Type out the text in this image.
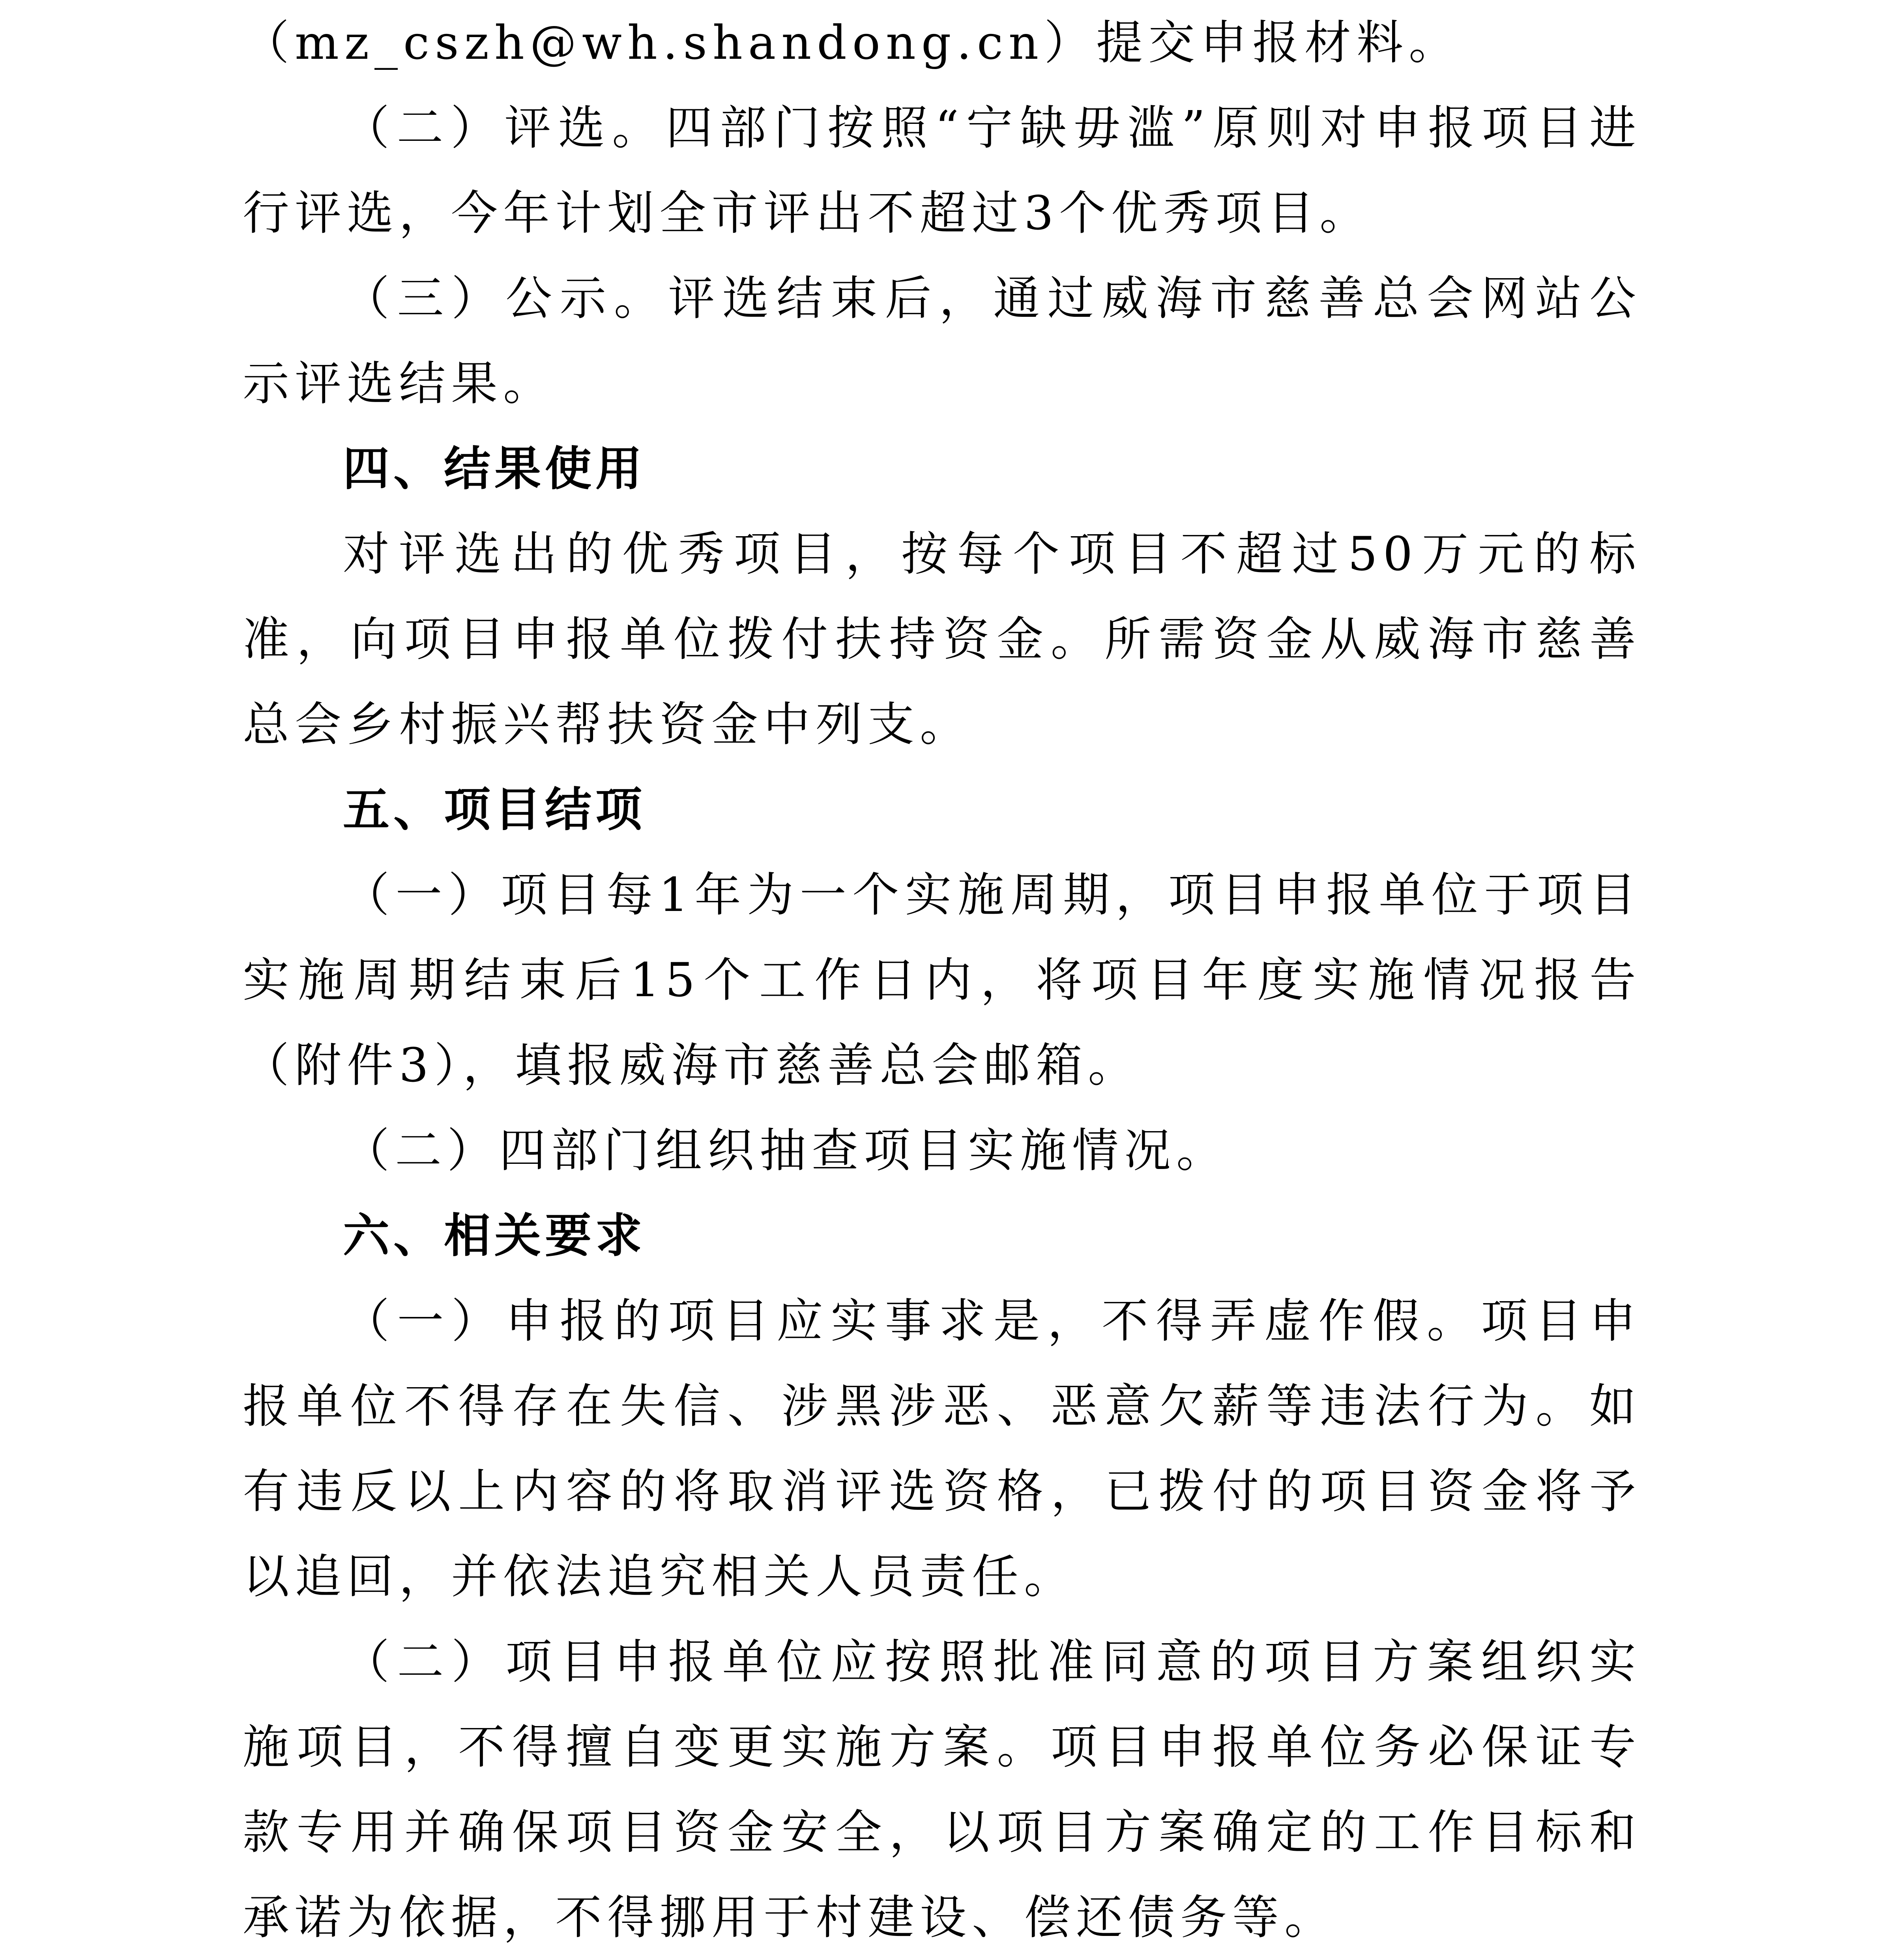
（mz_cszh@wh.shandong.cn）提交申报材料。

（二）评选。四部门按照“宁缺毋滥”原则对申报项目进行评选，今年计划全市评出不超过3个优秀项目。

（三）公示。评选结束后，通过威海市慈善总会网站公示评选结果。

四、结果使用

对评选出的优秀项目，按每个项目不超过50万元的标准，向项目申报单位拨付扶持资金。所需资金从威海市慈善总会乡村振兴帮扶资金中列支。

五、项目结项

（一）项目每1年为一个实施周期，项目申报单位于项目实施周期结束后15个工作日内，将项目年度实施情况报告（附件3），填报威海市慈善总会邮箱。

（二）四部门组织抽查项目实施情况。

六、相关要求

（一）申报的项目应实事求是，不得弄虚作假。项目申报单位不得存在失信、涉黑涉恶、恶意欠薪等违法行为。如有违反以上内容的将取消评选资格，已拨付的项目资金将予以追回，并依法追究相关人员责任。

（二）项目申报单位应按照批准同意的项目方案组织实施项目，不得擅自变更实施方案。项目申报单位务必保证专款专用并确保项目资金安全，以项目方案确定的工作目标和承诺为依据，不得挪用于村建设、偿还债务等。
